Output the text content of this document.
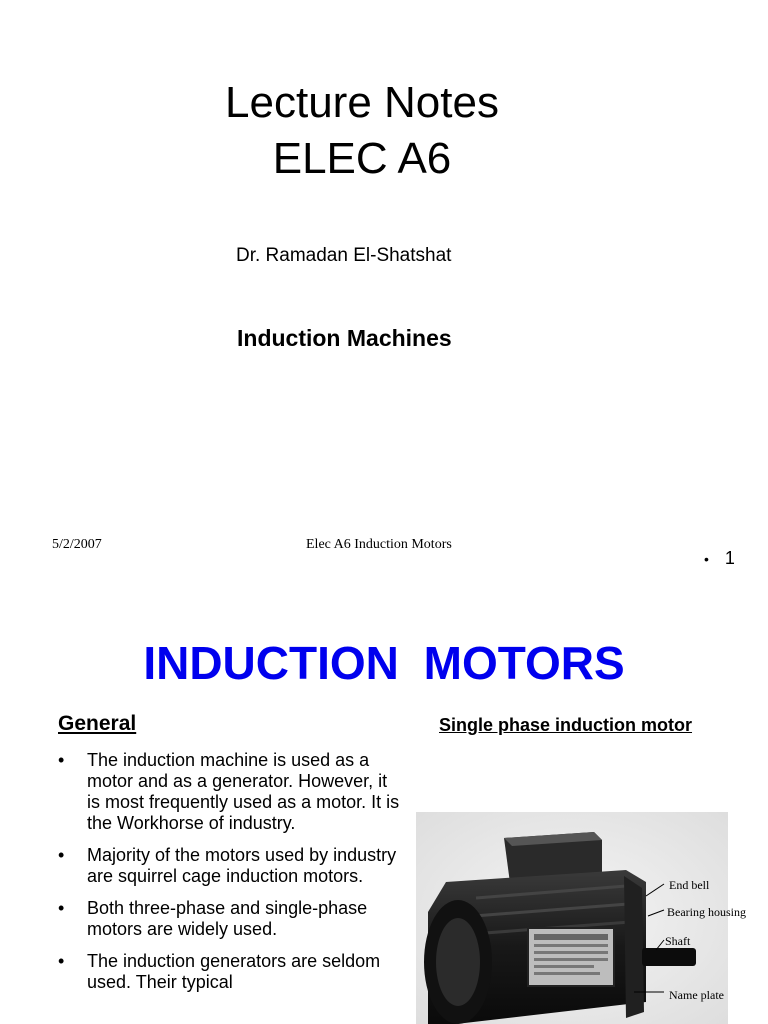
Lecture Notes
ELEC A6
Dr. Ramadan El-Shatshat
Induction Machines
5/2/2007	Elec A6 Induction Motors
• 1
INDUCTION MOTORS
General	Single phase induction motor
• The induction machine is used as a motor and as a generator. However, it is most frequently used as a motor. It is the Workhorse of industry.
• Majority of the motors used by industry are squirrel cage induction motors.
• Both three-phase and single-phase motors are widely used.
• The induction generators are seldom used. Their typical
End bell
Bearing housing
Shaft
Name plate
